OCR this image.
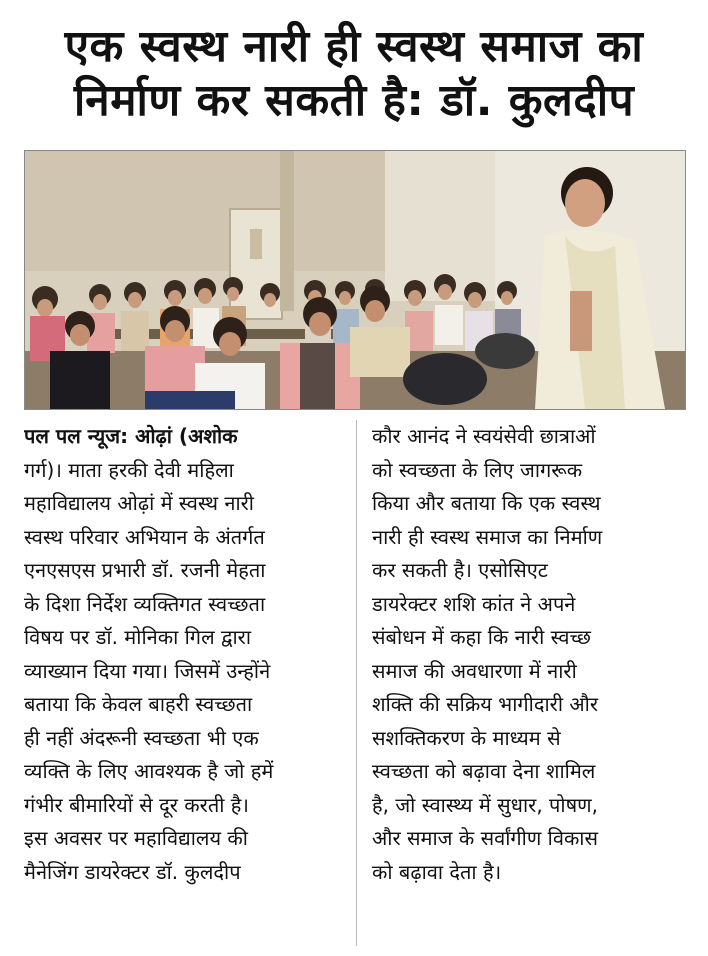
एक स्वस्थ नारी ही स्वस्थ समाज का
निर्माण कर सकती है: डॉ. कुलदीप
पल पल न्यूज: ओढ़ां (अशोक
गर्ग)। माता हरकी देवी महिला
महाविद्यालय ओढ़ां में स्वस्थ नारी
स्वस्थ परिवार अभियान के अंतर्गत
एनएसएस प्रभारी डॉ. रजनी मेहता
के दिशा निर्देश व्यक्तिगत स्वच्छता
विषय पर डॉ. मोनिका गिल द्वारा
व्याख्यान दिया गया। जिसमें उन्होंने
बताया कि केवल बाहरी स्वच्छता
ही नहीं अंदरूनी स्वच्छता भी एक
व्यक्ति के लिए आवश्यक है जो हमें
गंभीर बीमारियों से दूर करती है।
इस अवसर पर महाविद्यालय की
मैनेजिंग डायरेक्टर डॉ. कुलदीप
कौर आनंद ने स्वयंसेवी छात्राओं
को स्वच्छता के लिए जागरूक
किया और बताया कि एक स्वस्थ
नारी ही स्वस्थ समाज का निर्माण
कर सकती है। एसोसिएट
डायरेक्टर शशि कांत ने अपने
संबोधन में कहा कि नारी स्वच्छ
समाज की अवधारणा में नारी
शक्ति की सक्रिय भागीदारी और
सशक्तिकरण के माध्यम से
स्वच्छता को बढ़ावा देना शामिल
है, जो स्वास्थ्य में सुधार, पोषण,
और समाज के सर्वांगीण विकास
को बढ़ावा देता है।
